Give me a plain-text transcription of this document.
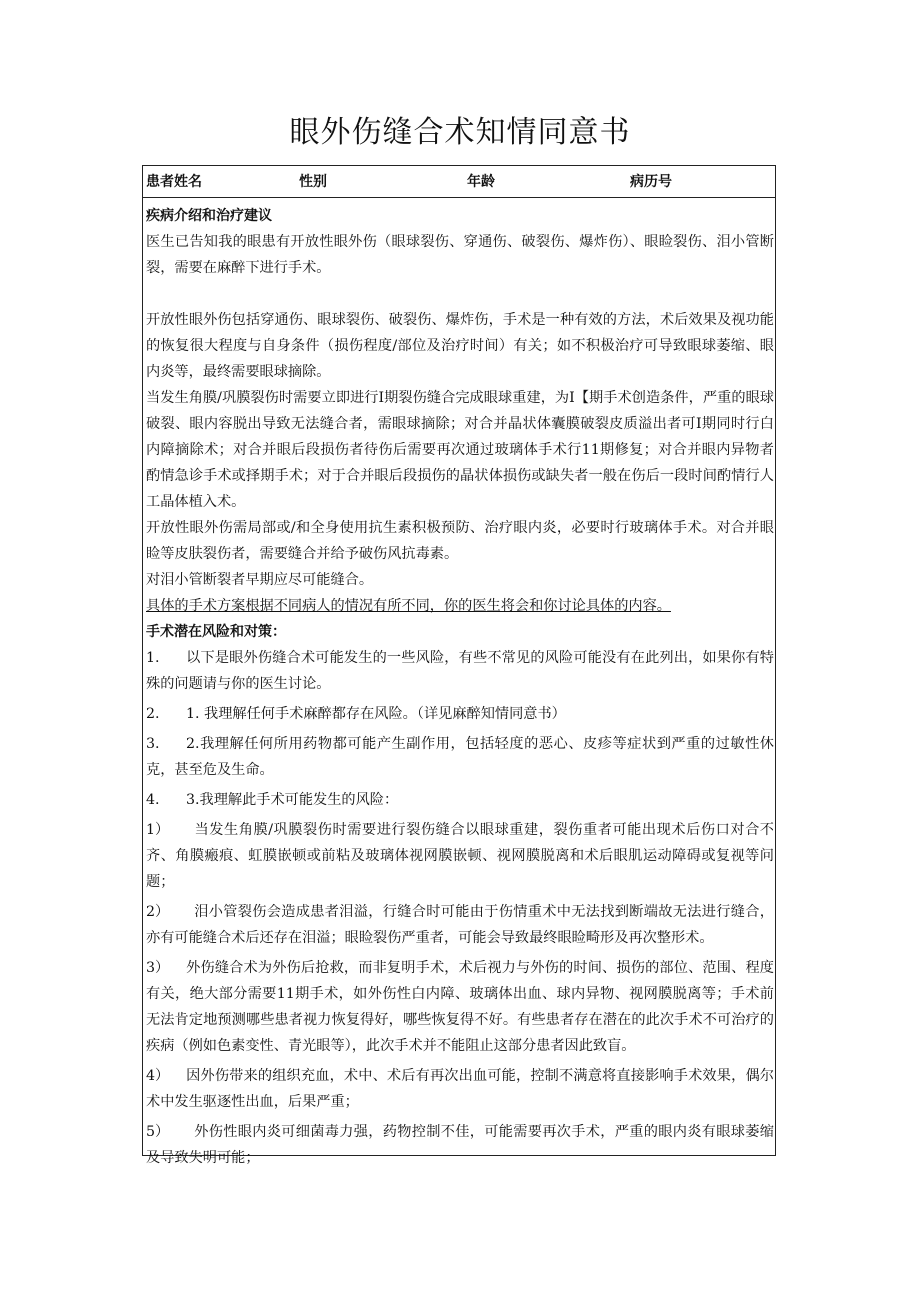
眼外伤缝合术知情同意书
患者姓名	性别	年龄	病历号

疾病介绍和治疗建议

医生已告知我的眼患有开放性眼外伤（眼球裂伤、穿通伤、破裂伤、爆炸伤）、眼睑裂伤、泪小管断裂，需要在麻醉下进行手术。

开放性眼外伤包括穿通伤、眼球裂伤、破裂伤、爆炸伤，手术是一种有效的方法，术后效果及视功能的恢复很大程度与自身条件（损伤程度/部位及治疗时间）有关；如不积极治疗可导致眼球萎缩、眼内炎等，最终需要眼球摘除。

当发生角膜/巩膜裂伤时需要立即进行I期裂伤缝合完成眼球重建，为I【期手术创造条件，严重的眼球破裂、眼内容脱出导致无法缝合者，需眼球摘除；对合并晶状体囊膜破裂皮质溢出者可I期同时行白内障摘除术；对合并眼后段损伤者待伤后需要再次通过玻璃体手术行11期修复；对合并眼内异物者酌情急诊手术或择期手术；对于合并眼后段损伤的晶状体损伤或缺失者一般在伤后一段时间酌情行人工晶体植入术。

开放性眼外伤需局部或/和全身使用抗生素积极预防、治疗眼内炎，必要时行玻璃体手术。对合并眼睑等皮肤裂伤者，需要缝合并给予破伤风抗毒素。

对泪小管断裂者早期应尽可能缝合。

具体的手术方案根据不同病人的情况有所不同，你的医生将会和你讨论具体的内容。

手术潜在风险和对策：

1. 以下是眼外伤缝合术可能发生的一些风险，有些不常见的风险可能没有在此列出，如果你有特殊的问题请与你的医生讨论。

2. 1. 我理解任何手术麻醉都存在风险。（详见麻醉知情同意书）

3. 2.我理解任何所用药物都可能产生副作用，包括轻度的恶心、皮疹等症状到严重的过敏性休克，甚至危及生命。

4. 3.我理解此手术可能发生的风险：

1） 当发生角膜/巩膜裂伤时需要进行裂伤缝合以眼球重建，裂伤重者可能出现术后伤口对合不齐、角膜瘢痕、虹膜嵌顿或前粘及玻璃体视网膜嵌顿、视网膜脱离和术后眼肌运动障碍或复视等问题；

2） 泪小管裂伤会造成患者泪溢，行缝合时可能由于伤情重术中无法找到断端故无法进行缝合，亦有可能缝合术后还存在泪溢；眼睑裂伤严重者，可能会导致最终眼睑畸形及再次整形术。

3） 外伤缝合术为外伤后抢救，而非复明手术，术后视力与外伤的时间、损伤的部位、范围、程度有关，绝大部分需要11期手术，如外伤性白内障、玻璃体出血、球内异物、视网膜脱离等；手术前无法肯定地预测哪些患者视力恢复得好，哪些恢复得不好。有些患者存在潜在的此次手术不可治疗的疾病（例如色素变性、青光眼等），此次手术并不能阻止这部分患者因此致盲。

4） 因外伤带来的组织充血，术中、术后有再次出血可能，控制不满意将直接影响手术效果，偶尔术中发生驱逐性出血，后果严重；

5） 外伤性眼内炎可细菌毒力强，药物控制不佳，可能需要再次手术，严重的眼内炎有眼球萎缩及导致失明可能；
